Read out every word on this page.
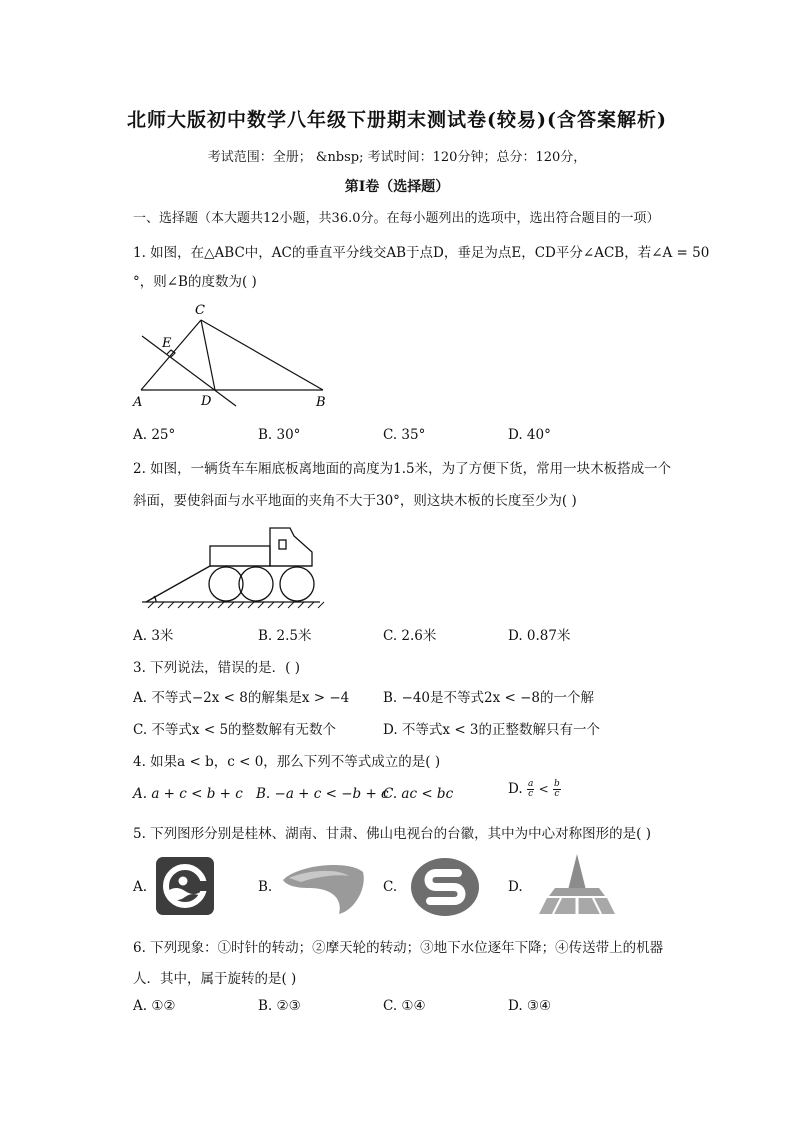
北师大版初中数学八年级下册期末测试卷(较易)(含答案解析)
考试范围：全册； &nbsp; 考试时间：120分钟；总分：120分，
第Ⅰ卷（选择题）
一、选择题（本大题共12小题，共36.0分。在每小题列出的选项中，选出符合题目的一项）
1. 如图，在△ABC中，AC的垂直平分线交AB于点D，垂足为点E，CD平分∠ACB，若∠A = 50
°，则∠B的度数为( )
C
E
A	D	B
A. 25°	B. 30°	C. 35°	D. 40°
2. 如图，一辆货车车厢底板离地面的高度为1.5米，为了方便下货，常用一块木板搭成一个
斜面，要使斜面与水平地面的夹角不大于30°，则这块木板的长度至少为( )
A. 3米	B. 2.5米	C. 2.6米	D. 0.87米
3. 下列说法，错误的是．( )
A. 不等式−2x < 8的解集是x > −4	B. −40是不等式2x < −8的一个解
C. 不等式x < 5的整数解有无数个	D. 不等式x < 3的正整数解只有一个
4. 如果a < b，c < 0，那么下列不等式成立的是( )
A. a + c < b + c B. −a + c < −b + c
C. ac < bc	D. $\frac{a}{c} < \frac{b}{c}$
5. 下列图形分别是桂林、湖南、甘肃、佛山电视台的台徽，其中为中心对称图形的是( )
A.	B.	C.	D.
6. 下列现象：①时针的转动；②摩天轮的转动；③地下水位逐年下降；④传送带上的机器
人．其中，属于旋转的是( )
A. ①②	B. ②③	C. ①④	D. ③④
